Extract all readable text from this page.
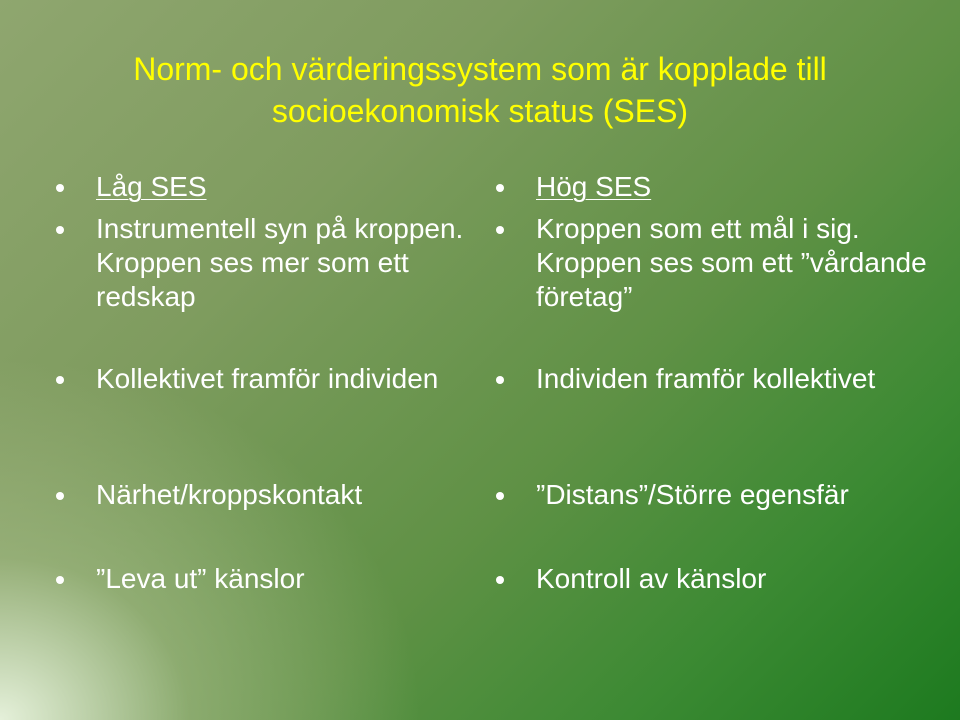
Norm- och värderingssystem som är kopplade till
socioekonomisk status (SES)
Låg SES
Instrumentell syn på kroppen. Kroppen ses mer som ett redskap
Kollektivet framför individen
Närhet/kroppskontakt
”Leva ut” känslor
Hög SES
Kroppen som ett mål i sig. Kroppen ses som ett ”vårdande företag”
Individen framför kollektivet
”Distans”/Större egensfär
Kontroll av känslor
